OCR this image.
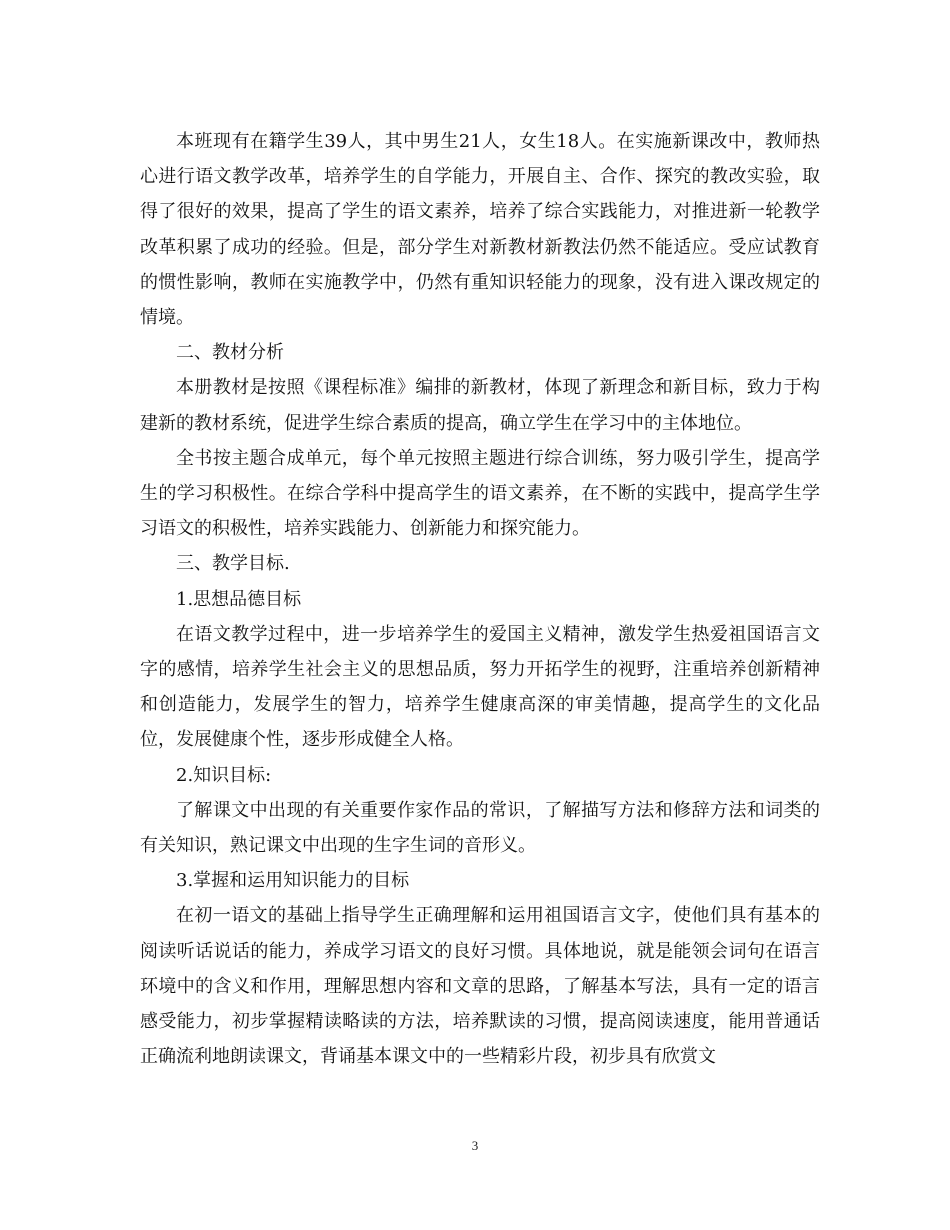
本班现有在籍学生39人，其中男生21人，女生18人。在实施新课改中，教师热心进行语文教学改革，培养学生的自学能力，开展自主、合作、探究的教改实验，取得了很好的效果，提高了学生的语文素养，培养了综合实践能力，对推进新一轮教学改革积累了成功的经验。但是，部分学生对新教材新教法仍然不能适应。受应试教育的惯性影响，教师在实施教学中，仍然有重知识轻能力的现象，没有进入课改规定的情境。

二、教材分析

本册教材是按照《课程标准》编排的新教材，体现了新理念和新目标，致力于构建新的教材系统，促进学生综合素质的提高，确立学生在学习中的主体地位。

全书按主题合成单元，每个单元按照主题进行综合训练，努力吸引学生，提高学生的学习积极性。在综合学科中提高学生的语文素养，在不断的实践中，提高学生学习语文的积极性，培养实践能力、创新能力和探究能力。

三、教学目标.

1.思想品德目标

在语文教学过程中，进一步培养学生的爱国主义精神，激发学生热爱祖国语言文字的感情，培养学生社会主义的思想品质，努力开拓学生的视野，注重培养创新精神和创造能力，发展学生的智力，培养学生健康高深的审美情趣，提高学生的文化品位，发展健康个性，逐步形成健全人格。

2.知识目标:

了解课文中出现的有关重要作家作品的常识，了解描写方法和修辞方法和词类的有关知识，熟记课文中出现的生字生词的音形义。

3.掌握和运用知识能力的目标

在初一语文的基础上指导学生正确理解和运用祖国语言文字，使他们具有基本的阅读听话说话的能力，养成学习语文的良好习惯。具体地说，就是能领会词句在语言环境中的含义和作用，理解思想内容和文章的思路，了解基本写法，具有一定的语言感受能力，初步掌握精读略读的方法，培养默读的习惯，提高阅读速度，能用普通话正确流利地朗读课文，背诵基本课文中的一些精彩片段，初步具有欣赏文

3
